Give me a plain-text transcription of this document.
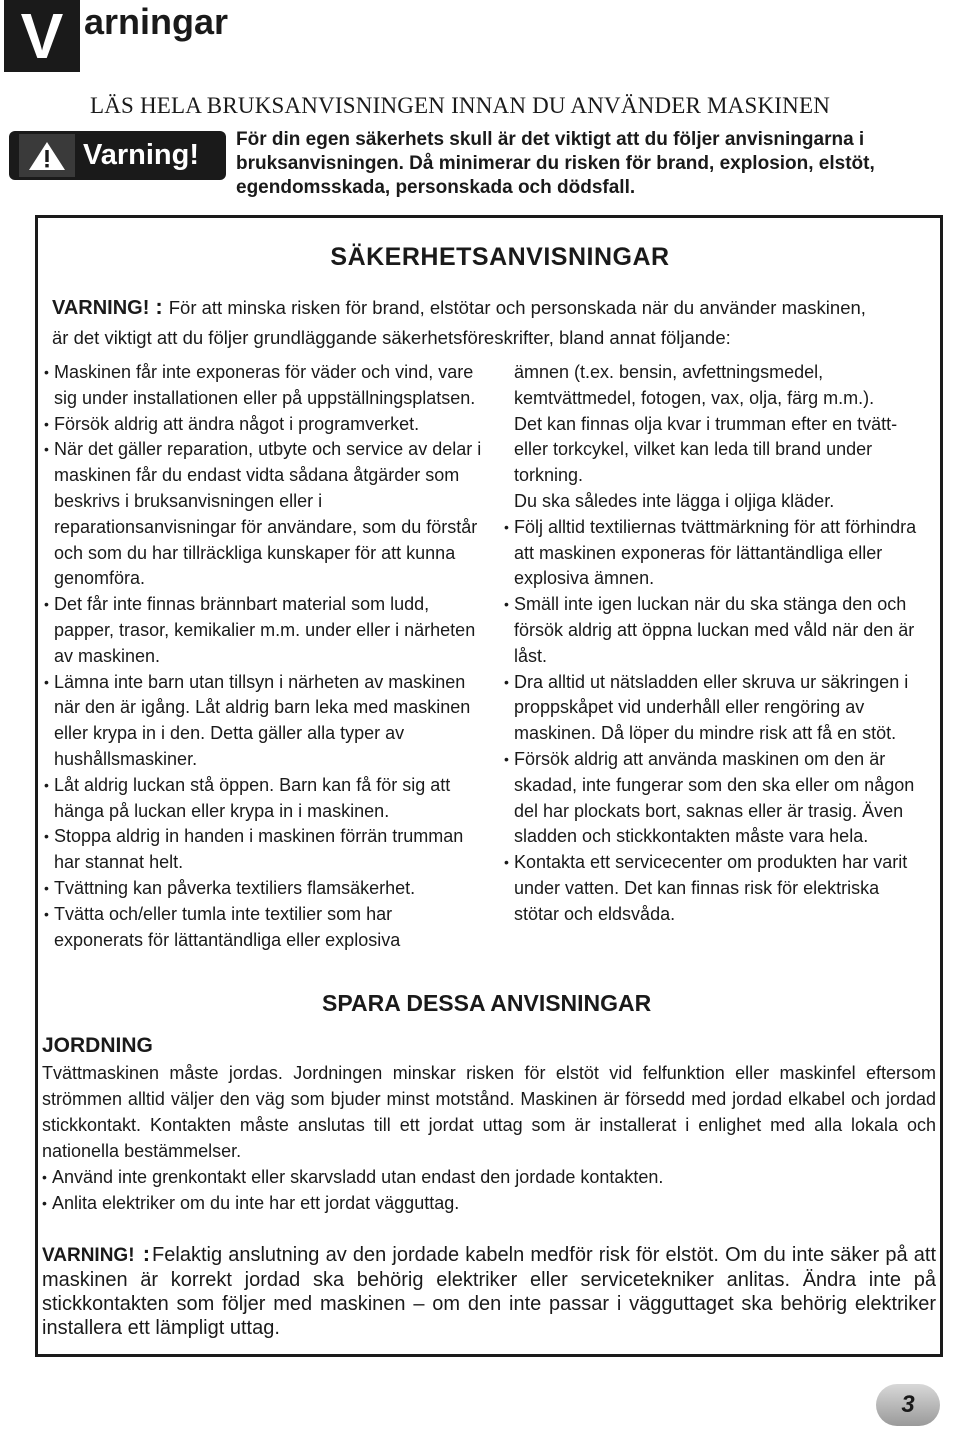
V arningar
LÄS HELA BRUKSANVISNINGEN INNAN DU ANVÄNDER MASKINEN
Varning! För din egen säkerhets skull är det viktigt att du följer anvisningarna i bruksanvisningen. Då minimerar du risken för brand, explosion, elstöt, egendomsskada, personskada och dödsfall.
SÄKERHETSANVISNINGAR
VARNING! : För att minska risken för brand, elstötar och personskada när du använder maskinen,
är det viktigt att du följer grundläggande säkerhetsföreskrifter, bland annat följande:
• Maskinen får inte exponeras för väder och vind, vare sig under installationen eller på uppställningsplatsen.
• Försök aldrig att ändra något i programverket.
• När det gäller reparation, utbyte och service av delar i maskinen får du endast vidta sådana åtgärder som beskrivs i bruksanvisningen eller i reparationsanvisningar för användare, som du förstår och som du har tillräckliga kunskaper för att kunna genomföra.
• Det får inte finnas brännbart material som ludd, papper, trasor, kemikalier m.m. under eller i närheten av maskinen.
• Lämna inte barn utan tillsyn i närheten av maskinen när den är igång. Låt aldrig barn leka med maskinen eller krypa in i den. Detta gäller alla typer av hushållsmaskiner.
• Låt aldrig luckan stå öppen. Barn kan få för sig att hänga på luckan eller krypa in i maskinen.
• Stoppa aldrig in handen i maskinen förrän trumman har stannat helt.
• Tvättning kan påverka textiliers flamsäkerhet.
• Tvätta och/eller tumla inte textilier som har exponerats för lättantändliga eller explosiva

ämnen (t.ex. bensin, avfettningsmedel, kemtvättmedel, fotogen, vax, olja, färg m.m.).

Det kan finnas olja kvar i trumman efter en tvätt- eller torkcykel, vilket kan leda till brand under torkning.

Du ska således inte lägga i oljiga kläder.

• Följ alltid textiliernas tvättmärkning för att förhindra att maskinen exponeras för lättantändliga eller explosiva ämnen.
• Smäll inte igen luckan när du ska stänga den och försök aldrig att öppna luckan med våld när den är låst.
• Dra alltid ut nätsladden eller skruva ur säkringen i proppskåpet vid underhåll eller rengöring av maskinen. Då löper du mindre risk att få en stöt.
• Försök aldrig att använda maskinen om den är skadad, inte fungerar som den ska eller om någon del har plockats bort, saknas eller är trasig. Även sladden och stickkontakten måste vara hela.
• Kontakta ett servicecenter om produkten har varit under vatten. Det kan finnas risk för elektriska stötar och eldsvåda.
SPARA DESSA ANVISNINGAR
JORDNING
Tvättmaskinen måste jordas. Jordningen minskar risken för elstöt vid felfunktion eller maskinfel eftersom strömmen alltid väljer den väg som bjuder minst motstånd. Maskinen är försedd med jordad elkabel och jordad stickkontakt. Kontakten måste anslutas till ett jordat uttag som är installerat i enlighet med alla lokala och nationella bestämmelser.
• Använd inte grenkontakt eller skarvsladd utan endast den jordade kontakten.
• Anlita elektriker om du inte har ett jordat vägguttag.
VARNING! : Felaktig anslutning av den jordade kabeln medför risk för elstöt. Om du inte säker på att maskinen är korrekt jordad ska behörig elektriker eller servicetekniker anlitas. Ändra inte på stickkontakten som följer med maskinen – om den inte passar i vägguttaget ska behörig elektriker installera ett lämpligt uttag.
3
